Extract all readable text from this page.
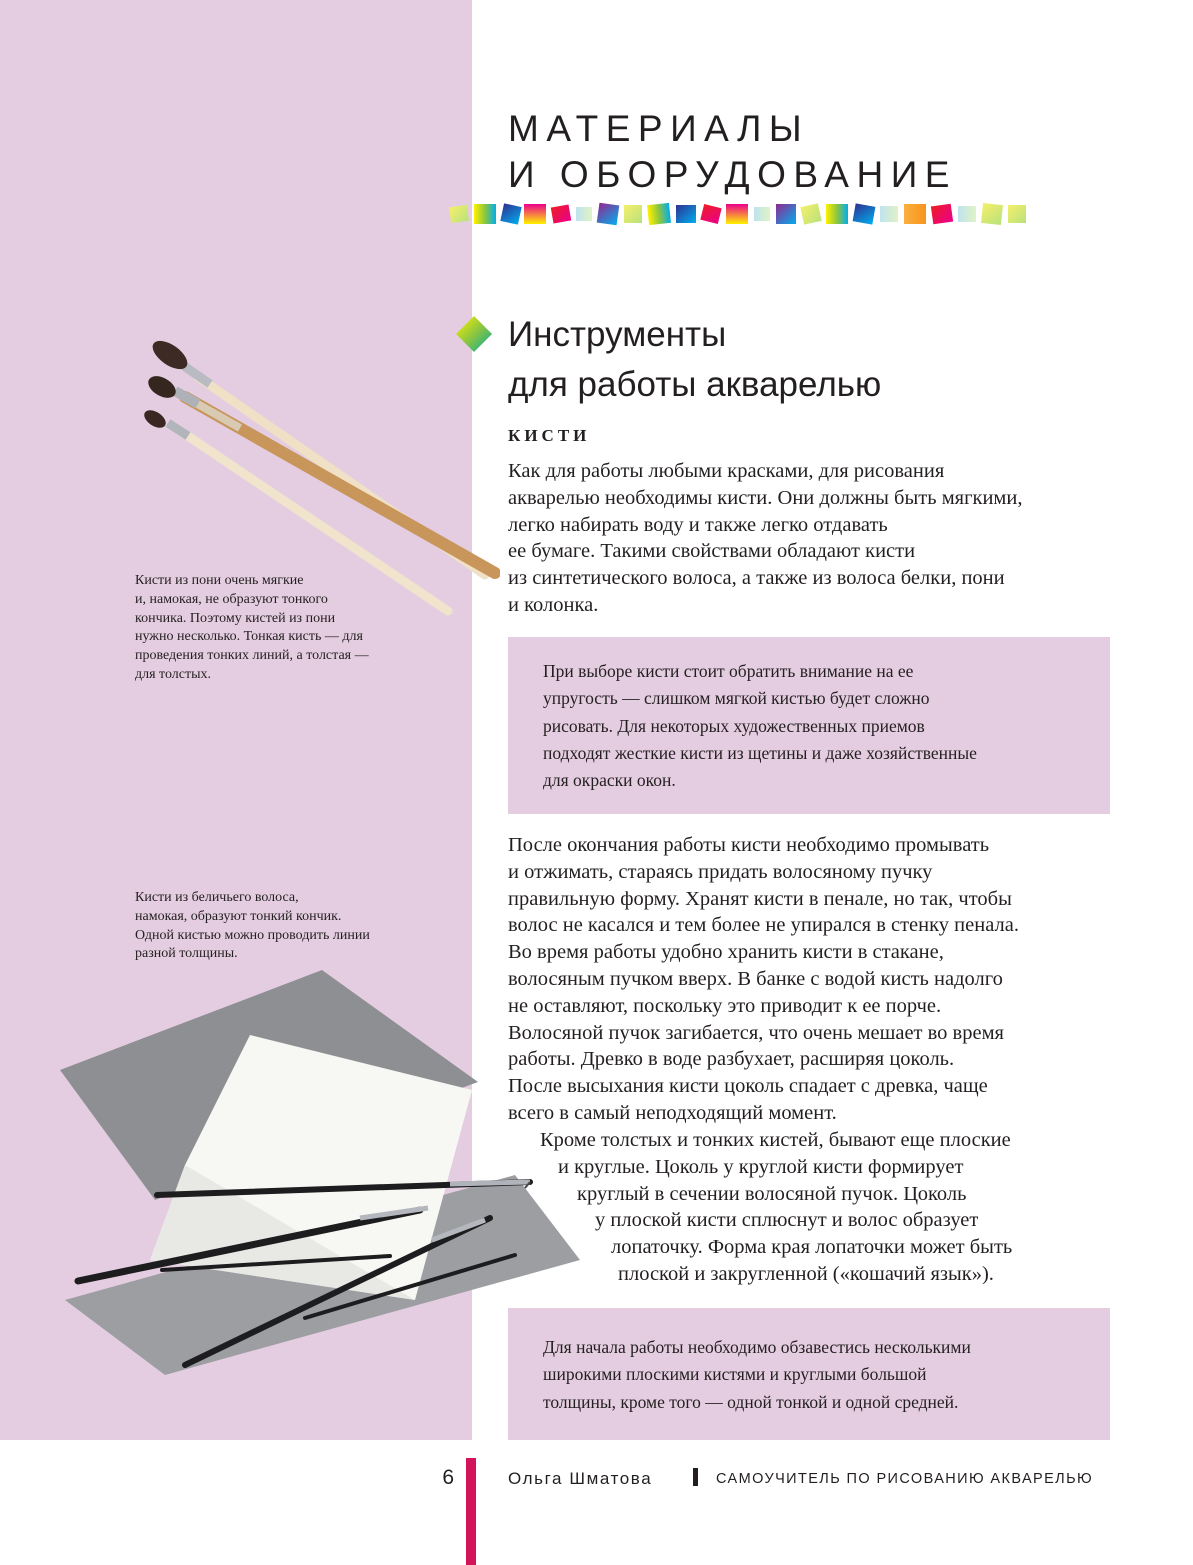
МАТЕРИАЛЫ
И ОБОРУДОВАНИЕ
Инструменты
для работы акварелью
КИСТИ
Как для работы любыми красками, для рисования
акварелью необходимы кисти. Они должны быть мягкими,
легко набирать воду и также легко отдавать
ее бумаге. Такими свойствами обладают кисти
из синтетического волоса, а также из волоса белки, пони
и колонка.
При выборе кисти стоит обратить внимание на ее
упругость — слишком мягкой кистью будет сложно
рисовать. Для некоторых художественных приемов
подходят жесткие кисти из щетины и даже хозяйственные
для окраски окон.
После окончания работы кисти необходимо промывать
и отжимать, стараясь придать волосяному пучку
правильную форму. Хранят кисти в пенале, но так, чтобы
волос не касался и тем более не упирался в стенку пенала.
Во время работы удобно хранить кисти в стакане,
волосяным пучком вверх. В банке с водой кисть надолго
не оставляют, поскольку это приводит к ее порче.
Волосяной пучок загибается, что очень мешает во время
работы. Древко в воде разбухает, расширяя цоколь.
После высыхания кисти цоколь спадает с древка, чаще
всего в самый неподходящий момент.
Кроме толстых и тонких кистей, бывают еще плоские
и круглые. Цоколь у круглой кисти формирует
круглый в сечении волосяной пучок. Цоколь
у плоской кисти сплюснут и волос образует
лопаточку. Форма края лопаточки может быть
плоской и закругленной («кошачий язык»).
Для начала работы необходимо обзавестись несколькими
широкими плоскими кистями и круглыми большой
толщины, кроме того — одной тонкой и одной средней.
Кисти из пони очень мягкие
и, намокая, не образуют тонкого
кончика. Поэтому кистей из пони
нужно несколько. Тонкая кисть — для
проведения тонких линий, а толстая —
для толстых.
Кисти из беличьего волоса,
намокая, образуют тонкий кончик.
Одной кистью можно проводить линии
разной толщины.
6	Ольга Шматова	САМОУЧИТЕЛЬ ПО РИСОВАНИЮ АКВАРЕЛЬЮ
